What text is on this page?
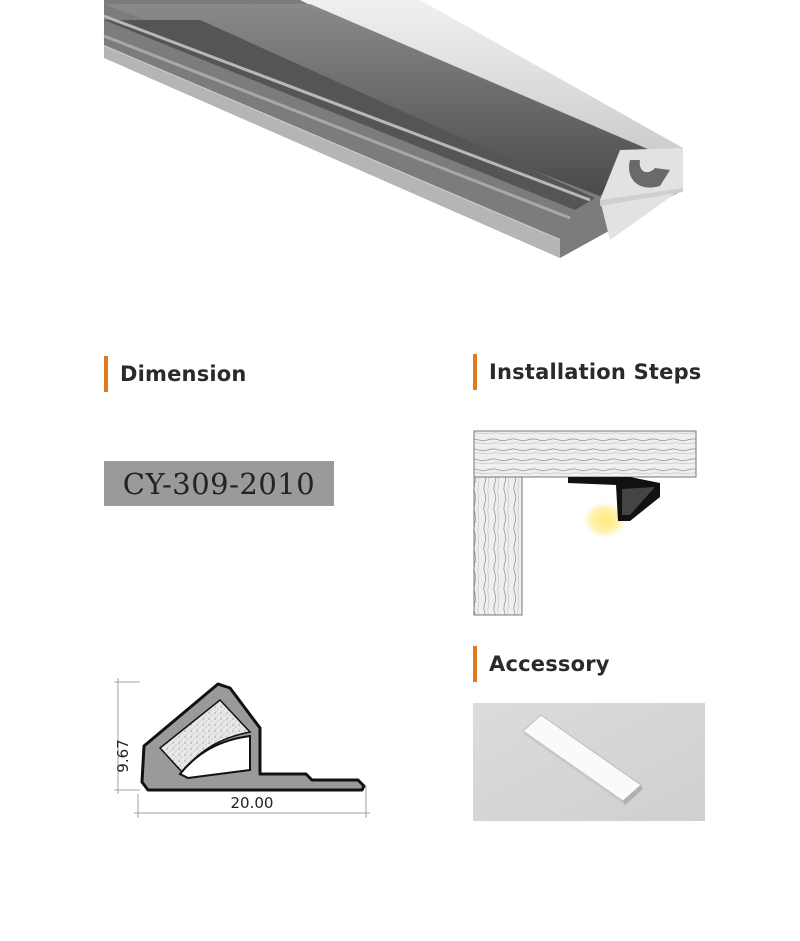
Dimension	Installation Steps
Accessory
CY-309-2010
9.67
20.00
